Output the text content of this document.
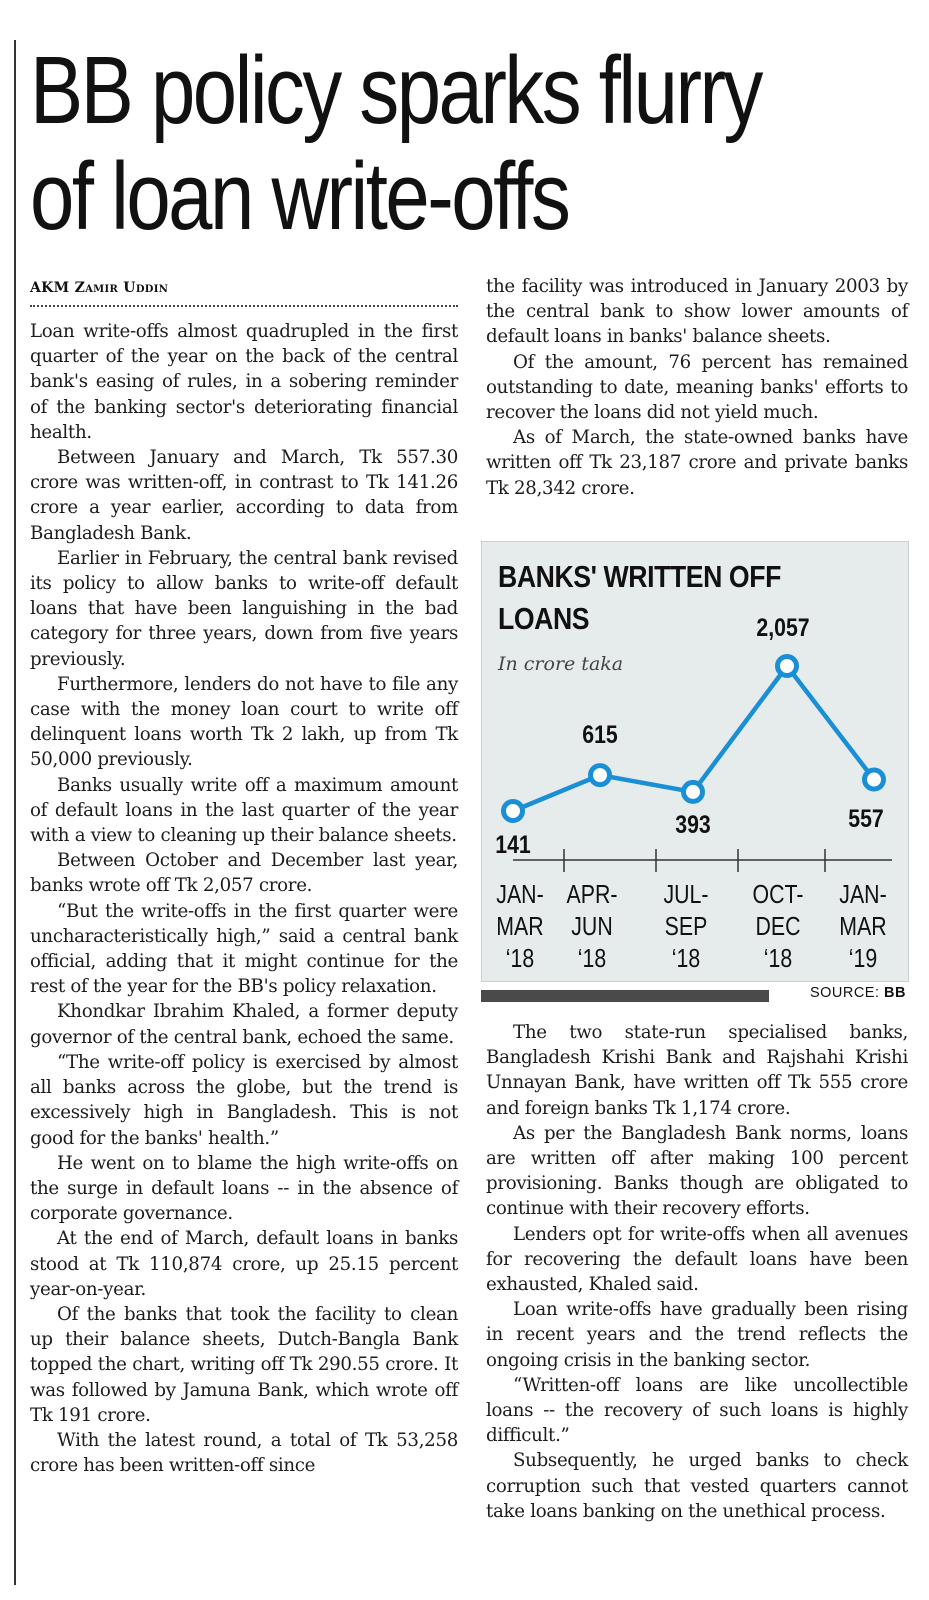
BB policy sparks flurry
of loan write-offs
AKM Zamir Uddin

Loan write-offs almost quadrupled in the first quarter of the year on the back of the central bank's easing of rules, in a sobering reminder of the banking sector's deteriorating financial health.

Between January and March, Tk 557.30 crore was written-off, in contrast to Tk 141.26 crore a year earlier, according to data from Bangladesh Bank.

Earlier in February, the central bank revised its policy to allow banks to write-off default loans that have been languishing in the bad category for three years, down from five years previously.

Furthermore, lenders do not have to file any case with the money loan court to write off delinquent loans worth Tk 2 lakh, up from Tk 50,000 previously.

Banks usually write off a maximum amount of default loans in the last quarter of the year with a view to cleaning up their balance sheets.

Between October and December last year, banks wrote off Tk 2,057 crore.

“But the write-offs in the first quarter were uncharacteristically high,” said a central bank official, adding that it might continue for the rest of the year for the BB's policy relaxation.

Khondkar Ibrahim Khaled, a former deputy governor of the central bank, echoed the same.

“The write-off policy is exercised by almost all banks across the globe, but the trend is excessively high in Bangladesh. This is not good for the banks' health.”

He went on to blame the high write-offs on the surge in default loans -- in the absence of corporate governance.

At the end of March, default loans in banks stood at Tk 110,874 crore, up 25.15 percent year-on-year.

Of the banks that took the facility to clean up their balance sheets, Dutch-Bangla Bank topped the chart, writing off Tk 290.55 crore. It was followed by Jamuna Bank, which wrote off Tk 191 crore.

With the latest round, a total of Tk 53,258 crore has been written-off since

the facility was introduced in January 2003 by the central bank to show lower amounts of default loans in banks' balance sheets.

Of the amount, 76 percent has remained outstanding to date, meaning banks' efforts to recover the loans did not yield much.

As of March, the state-owned banks have written off Tk 23,187 crore and private banks Tk 28,342 crore.

BANKS' WRITTEN OFF
LOANS
In crore taka
141
615
393
2,057
557
JAN-
MAR
‘18
APR-
JUN
‘18
JUL-
SEP
‘18
OCT-
DEC
‘18
JAN-
MAR
‘19
SOURCE: BB

The two state-run specialised banks, Bangladesh Krishi Bank and Rajshahi Krishi Unnayan Bank, have written off Tk 555 crore and foreign banks Tk 1,174 crore.

As per the Bangladesh Bank norms, loans are written off after making 100 percent provisioning. Banks though are obligated to continue with their recovery efforts.

Lenders opt for write-offs when all avenues for recovering the default loans have been exhausted, Khaled said.

Loan write-offs have gradually been rising in recent years and the trend reflects the ongoing crisis in the banking sector.

“Written-off loans are like uncollectible loans -- the recovery of such loans is highly difficult.”

Subsequently, he urged banks to check corruption such that vested quarters cannot take loans banking on the unethical process.
